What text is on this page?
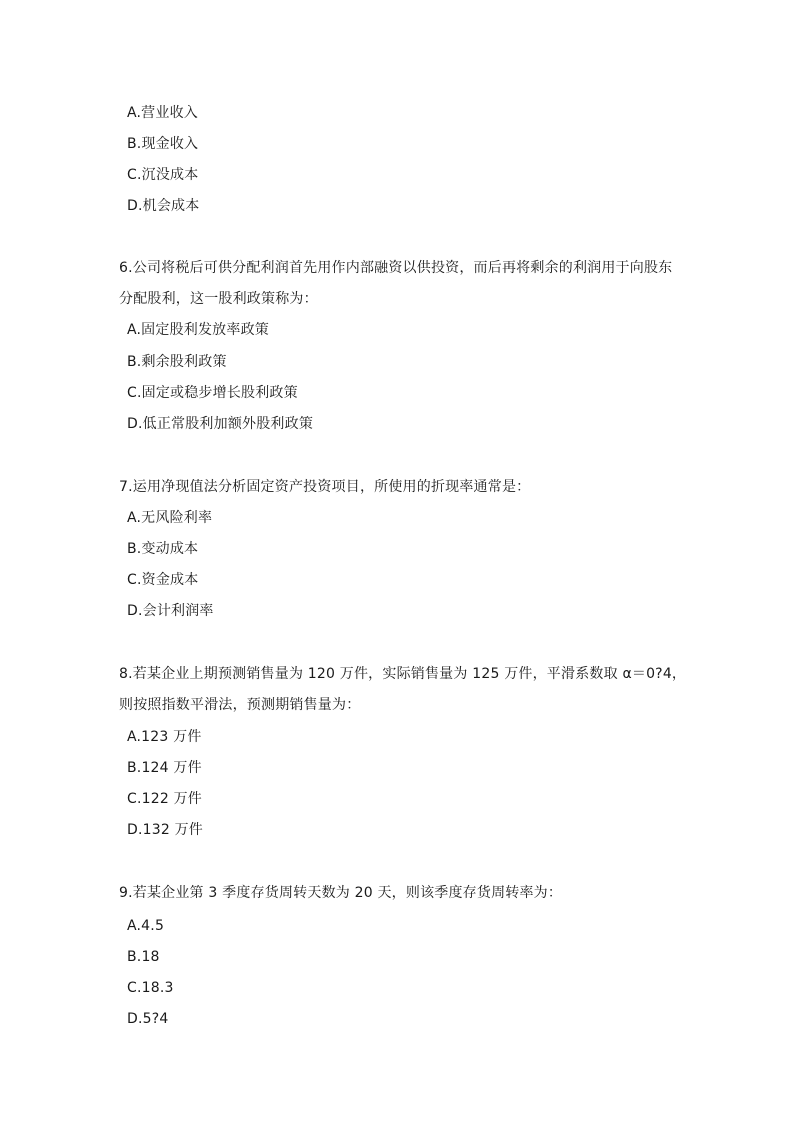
A.营业收入
B.现金收入
C.沉没成本
D.机会成本
6.公司将税后可供分配利润首先用作内部融资以供投资，而后再将剩余的利润用于向股东
分配股利，这一股利政策称为：
A.固定股利发放率政策
B.剩余股利政策
C.固定或稳步增长股利政策
D.低正常股利加额外股利政策
7.运用净现值法分析固定资产投资项目，所使用的折现率通常是：
A.无风险利率
B.变动成本
C.资金成本
D.会计利润率
8.若某企业上期预测销售量为 120 万件，实际销售量为 125 万件，平滑系数取 α＝0?4，
则按照指数平滑法，预测期销售量为：
A.123 万件
B.124 万件
C.122 万件
D.132 万件
9.若某企业第 3 季度存货周转天数为 20 天，则该季度存货周转率为：
A.4.5
B.18
C.18.3
D.5?4
